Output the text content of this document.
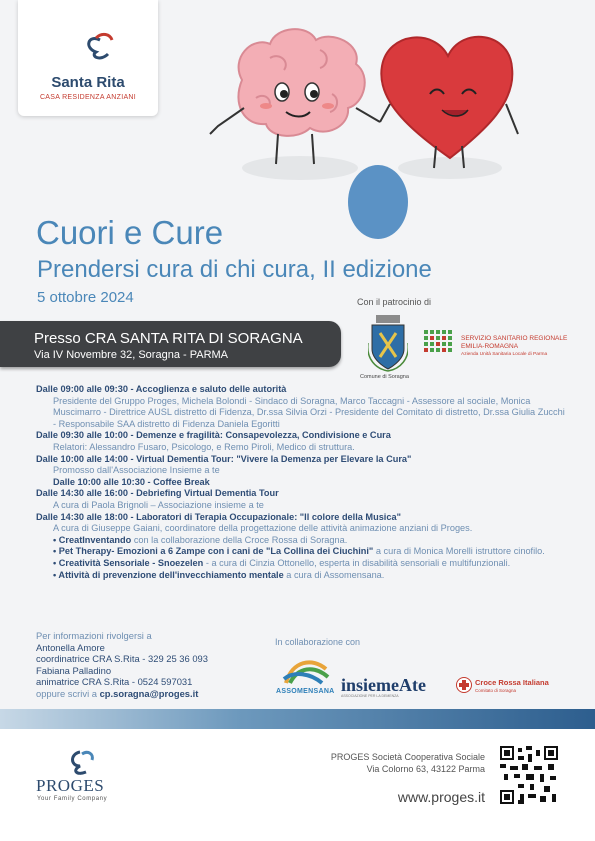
Santa Rita
CASA RESIDENZA ANZIANI
Cuori e Cure
Prendersi cura di chi cura, II edizione
5 ottobre 2024	Con il patrocinio di
Comune di Soragna
SERVIZIO SANITARIO REGIONALE
EMILIA-ROMAGNA
Azienda Unità Sanitaria Locale di Parma
Presso CRA SANTA RITA DI SORAGNA
Via IV Novembre 32, Soragna - PARMA
Dalle 09:00 alle 09:30 - Accoglienza e saluto delle autorità
Presidente del Gruppo Proges, Michela Bolondi - Sindaco di Soragna, Marco Taccagni - Assessore al sociale, Monica Muscimarro - Direttrice AUSL distretto di Fidenza, Dr.ssa Silvia Orzi - Presidente del Comitato di distretto, Dr.ssa Giulia Zucchi - Responsabile SAA distretto di Fidenza Daniela Egoritti
Dalle 09:30 alle 10:00 - Demenze e fragilità: Consapevolezza, Condivisione e Cura
Relatori: Alessandro Fusaro, Psicologo, e Remo Piroli, Medico di struttura.
Dalle 10:00 alle 14:00 - Virtual Dementia Tour: "Vivere la Demenza per Elevare la Cura"
Promosso dall'Associazione Insieme a te
Dalle 10:00 alle 10:30 - Coffee Break
Dalle 14:30 alle 16:00 - Debriefing Virtual Dementia Tour
A cura di Paola Brignoli – Associazione insieme a te
Dalle 14:30 alle 18:00 - Laboratori di Terapia Occupazionale: "Il colore della Musica"
A cura di Giuseppe Gaiani, coordinatore della progettazione delle attività animazione anziani di Proges.
• CreatInventando con la collaborazione della Croce Rossa di Soragna.
• Pet Therapy- Emozioni a 6 Zampe con i cani de "La Collina dei Ciuchini" a cura di Monica Morelli istruttore cinofilo.
• Creatività Sensoriale - Snoezelen - a cura di Cinzia Ottonello, esperta in disabilità sensoriali e multifunzionali.
• Attività di prevenzione dell'invecchiamento mentale a cura di Assomensana.
Per informazioni rivolgersi a
Antonella Amore
coordinatrice CRA S.Rita - 329 25 36 093
Fabiana Palladino
animatrice CRA S.Rita - 0524 597031
oppure scrivi a cp.soragna@proges.it
In collaborazione con
ASSOMENSANA insiemeAte
ASSOCIAZIONE PER LA DEMENZA
Croce Rossa Italiana
Comitato di Soragna
PROGES
Your Family Company
PROGES Società Cooperativa Sociale
Via Colorno 63, 43122 Parma
www.proges.it
